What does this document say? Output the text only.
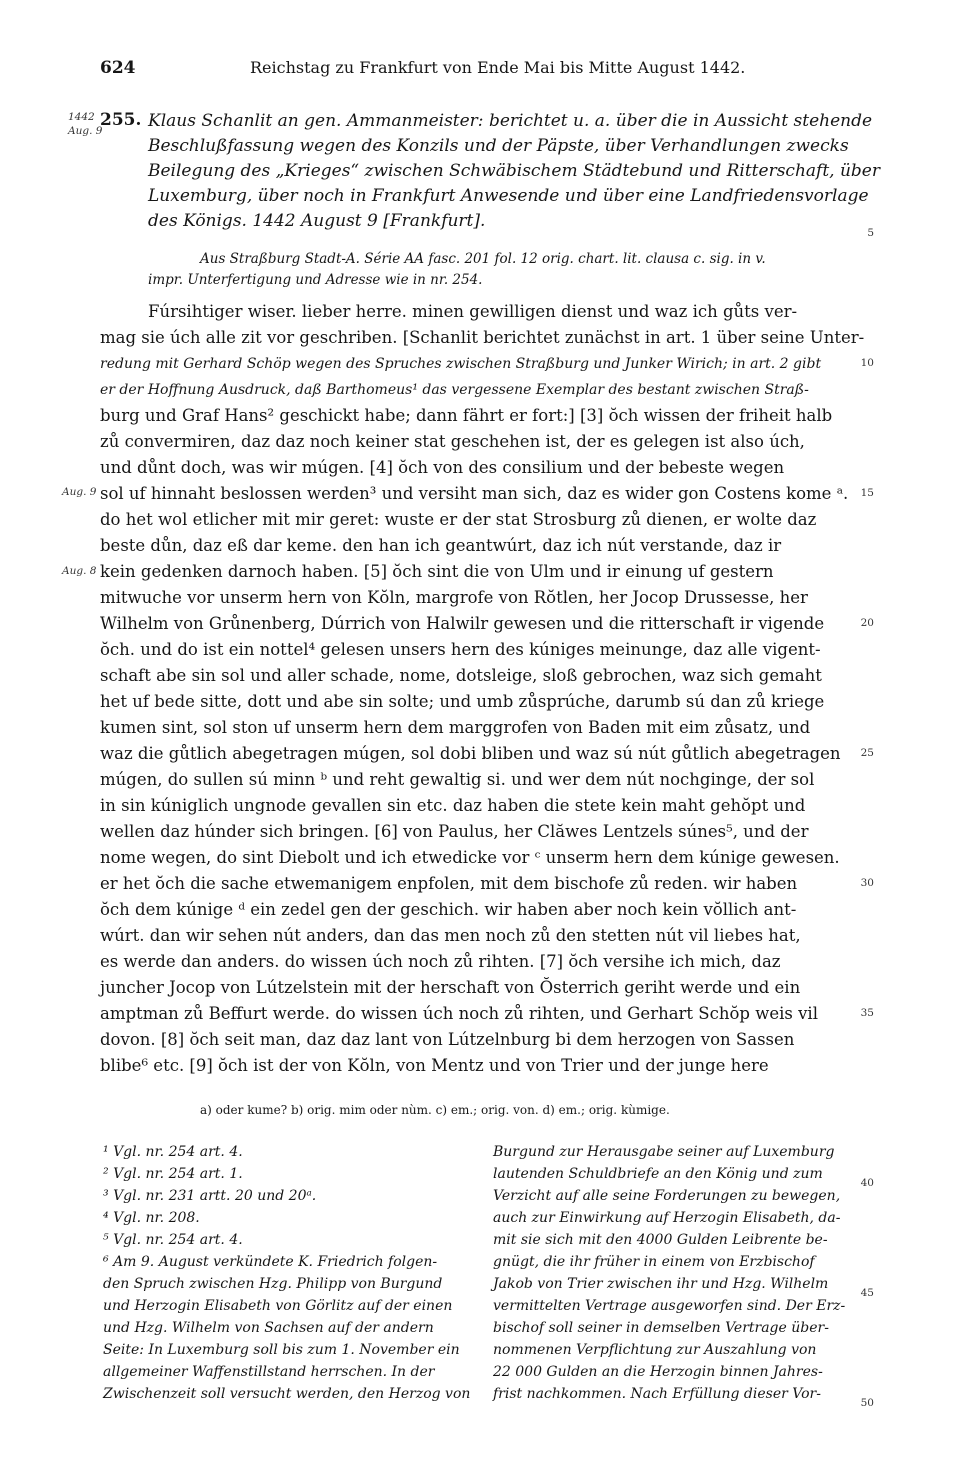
624	Reichstag zu Frankfurt von Ende Mai bis Mitte August 1442.
1442
Aug. 9
Aug. 9
Aug. 8
5
10
15
20
25
30
35
40
45
50
255. Klaus Schanlit an gen. Ammanmeister: berichtet u. a. über die in Aussicht stehende
Beschlußfassung wegen des Konzils und der Päpste, über Verhandlungen zwecks
Beilegung des „Krieges“ zwischen Schwäbischem Städtebund und Ritterschaft, über
Luxemburg, über noch in Frankfurt Anwesende und über eine Landfriedensvorlage
des Königs. 1442 August 9 [Frankfurt].
Aus Straßburg Stadt-A. Série AA fasc. 201 fol. 12 orig. chart. lit. clausa c. sig. in v.
impr. Unterfertigung und Adresse wie in nr. 254.
Fúrsihtiger wiser. lieber herre. minen gewilligen dienst und waz ich gůts ver-
mag sie úch alle zit vor geschriben. [Schanlit berichtet zunächst in art. 1 über seine Unter-
redung mit Gerhard Schöp wegen des Spruches zwischen Straßburg und Junker Wirich; in art. 2 gibt
er der Hoffnung Ausdruck, daß Barthomeus¹ das vergessene Exemplar des bestant zwischen Straß-
burg und Graf Hans² geschickt habe; dann fährt er fort:] [3] ŏch wissen der friheit halb
zů convermiren, daz daz noch keiner stat geschehen ist, der es gelegen ist also úch,
und důnt doch, was wir múgen. [4] ŏch von des consilium und der bebeste wegen
sol uf hinnaht beslossen werden³ und versiht man sich, daz es wider gon Costens kome ᵃ.
do het wol etlicher mit mir geret: wuste er der stat Strosburg zů dienen, er wolte daz
beste důn, daz eß dar keme. den han ich geantwúrt, daz ich nút verstande, daz ir
kein gedenken darnoch haben. [5] ŏch sint die von Ulm und ir einung uf gestern
mitwuche vor unserm hern von Kŏln, margrofe von Rŏtlen, her Jocop Drussesse, her
Wilhelm von Grůnenberg, Dúrrich von Halwilr gewesen und die ritterschaft ir vigende
ŏch. und do ist ein nottel⁴ gelesen unsers hern des kúniges meinunge, daz alle vigent-
schaft abe sin sol und aller schade, nome, dotsleige, sloß gebrochen, waz sich gemaht
het uf bede sitte, dott und abe sin solte; und umb zůsprúche, darumb sú dan zů kriege
kumen sint, sol ston uf unserm hern dem marggrofen von Baden mit eim zůsatz, und
waz die gůtlich abegetragen múgen, sol dobi bliben und waz sú nút gůtlich abegetragen
múgen, do sullen sú minn ᵇ und reht gewaltig si. und wer dem nút nochginge, der sol
in sin kúniglich ungnode gevallen sin etc. daz haben die stete kein maht gehŏpt und
wellen daz húnder sich bringen. [6] von Paulus, her Clăwes Lentzels súnes⁵, und der
nome wegen, do sint Diebolt und ich etwedicke vor ᶜ unserm hern dem kúnige gewesen.
er het ŏch die sache etwemanigem enpfolen, mit dem bischofe zů reden. wir haben
ŏch dem kúnige ᵈ ein zedel gen der geschich. wir haben aber noch kein vŏllich ant-
wúrt. dan wir sehen nút anders, dan das men noch zů den stetten nút vil liebes hat,
es werde dan anders. do wissen úch noch zů rihten. [7] ŏch versihe ich mich, daz
juncher Jocop von Lútzelstein mit der herschaft von Ŏsterrich geriht werde und ein
amptman zů Beffurt werde. do wissen úch noch zů rihten, und Gerhart Schŏp weis vil
dovon. [8] ŏch seit man, daz daz lant von Lútzelnburg bi dem herzogen von Sassen
blibe⁶ etc. [9] ŏch ist der von Kŏln, von Mentz und von Trier und der junge here
a) oder kume? b) orig. mim oder nùm. c) em.; orig. von. d) em.; orig. kùmige.
¹ Vgl. nr. 254 art. 4.
² Vgl. nr. 254 art. 1.
³ Vgl. nr. 231 artt. 20 und 20ᵃ.
⁴ Vgl. nr. 208.
⁵ Vgl. nr. 254 art. 4.
⁶ Am 9. August verkündete K. Friedrich folgen-
den Spruch zwischen Hzg. Philipp von Burgund
und Herzogin Elisabeth von Görlitz auf der einen
und Hzg. Wilhelm von Sachsen auf der andern
Seite: In Luxemburg soll bis zum 1. November ein
allgemeiner Waffenstillstand herrschen. In der
Zwischenzeit soll versucht werden, den Herzog von
Burgund zur Herausgabe seiner auf Luxemburg
lautenden Schuldbriefe an den König und zum
Verzicht auf alle seine Forderungen zu bewegen,
auch zur Einwirkung auf Herzogin Elisabeth, da-
mit sie sich mit den 4000 Gulden Leibrente be-
gnügt, die ihr früher in einem von Erzbischof
Jakob von Trier zwischen ihr und Hzg. Wilhelm
vermittelten Vertrage ausgeworfen sind. Der Erz-
bischof soll seiner in demselben Vertrage über-
nommenen Verpflichtung zur Auszahlung von
22 000 Gulden an die Herzogin binnen Jahres-
frist nachkommen. Nach Erfüllung dieser Vor-
